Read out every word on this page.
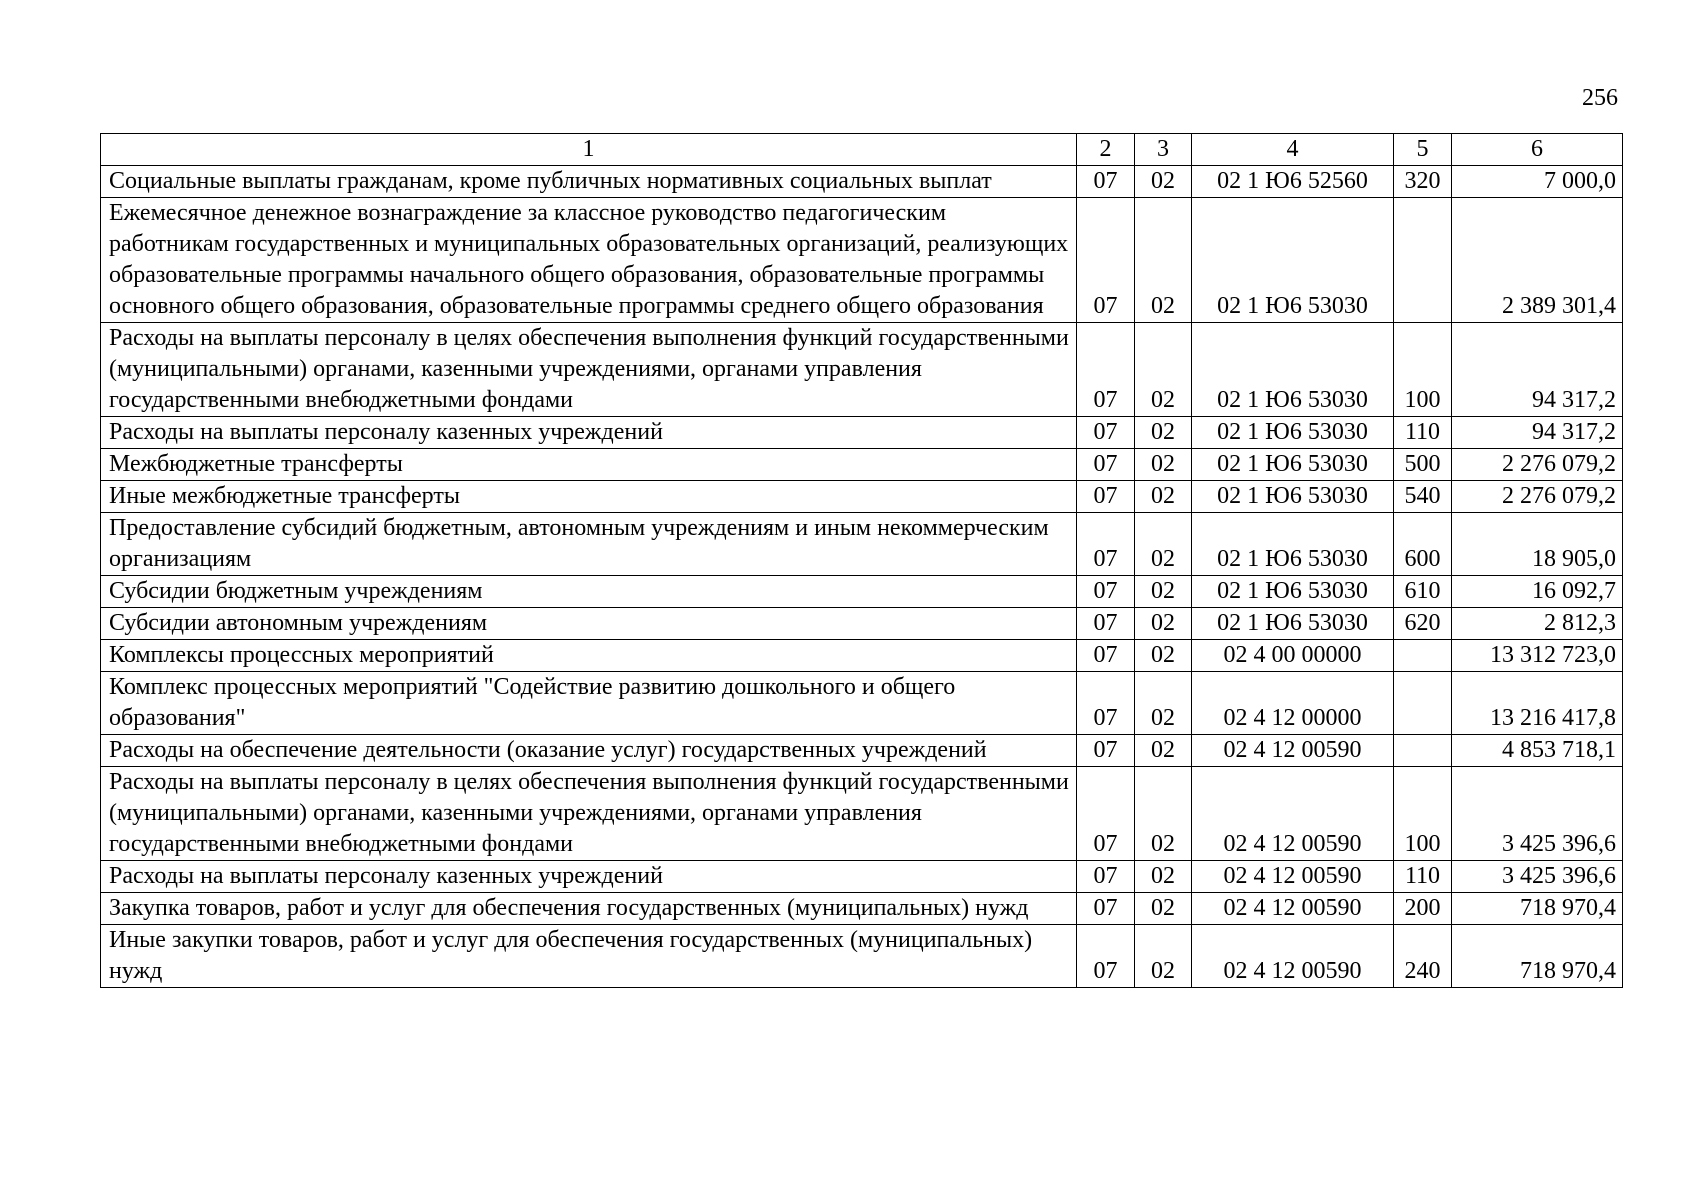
256
1	2	3	4	5	6
Социальные выплаты гражданам, кроме публичных нормативных социальных выплат	07	02	02 1 Ю6 52560	320	7 000,0
Ежемесячное денежное вознаграждение за классное руководство педагогическим работникам государственных и муниципальных образовательных организаций, реализующих образовательные программы начального общего образования, образовательные программы основного общего образования, образовательные программы среднего общего образования	07	02	02 1 Ю6 53030		2 389 301,4
Расходы на выплаты персоналу в целях обеспечения выполнения функций государственными (муниципальными) органами, казенными учреждениями, органами управления государственными внебюджетными фондами	07	02	02 1 Ю6 53030	100	94 317,2
Расходы на выплаты персоналу казенных учреждений	07	02	02 1 Ю6 53030	110	94 317,2
Межбюджетные трансферты	07	02	02 1 Ю6 53030	500	2 276 079,2
Иные межбюджетные трансферты	07	02	02 1 Ю6 53030	540	2 276 079,2
Предоставление субсидий бюджетным, автономным учреждениям и иным некоммерческим организациям	07	02	02 1 Ю6 53030	600	18 905,0
Субсидии бюджетным учреждениям	07	02	02 1 Ю6 53030	610	16 092,7
Субсидии автономным учреждениям	07	02	02 1 Ю6 53030	620	2 812,3
Комплексы процессных мероприятий	07	02	02 4 00 00000		13 312 723,0
Комплекс процессных мероприятий "Содействие развитию дошкольного и общего образования"	07	02	02 4 12 00000		13 216 417,8
Расходы на обеспечение деятельности (оказание услуг) государственных учреждений	07	02	02 4 12 00590		4 853 718,1
Расходы на выплаты персоналу в целях обеспечения выполнения функций государственными (муниципальными) органами, казенными учреждениями, органами управления государственными внебюджетными фондами	07	02	02 4 12 00590	100	3 425 396,6
Расходы на выплаты персоналу казенных учреждений	07	02	02 4 12 00590	110	3 425 396,6
Закупка товаров, работ и услуг для обеспечения государственных (муниципальных) нужд	07	02	02 4 12 00590	200	718 970,4
Иные закупки товаров, работ и услуг для обеспечения государственных (муниципальных) нужд	07	02	02 4 12 00590	240	718 970,4
